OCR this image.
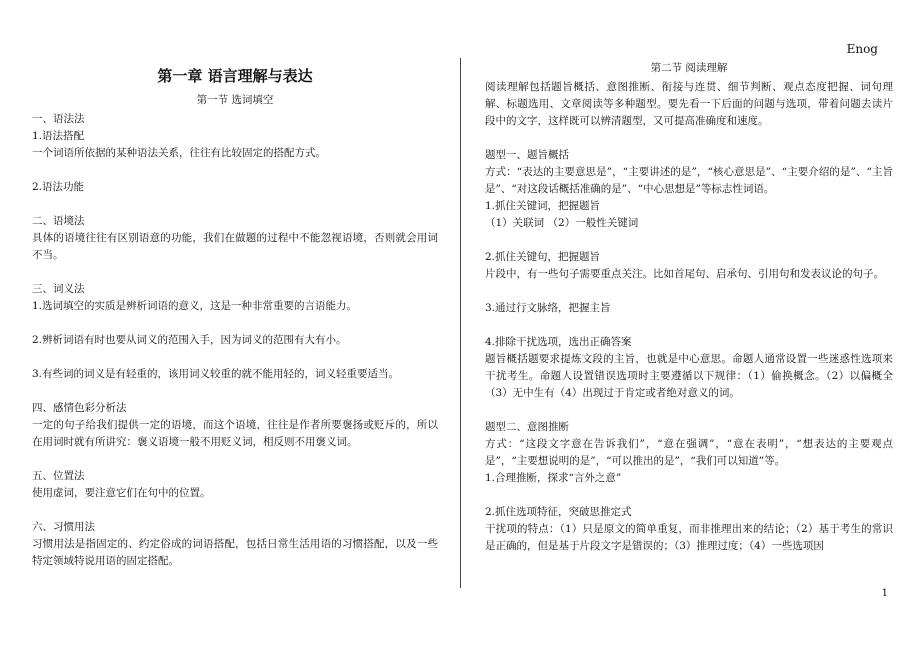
Enog

第一章 语言理解与表达

第一节 选词填空

一、语法法

1.语法搭配

一个词语所依据的某种语法关系，往往有比较固定的搭配方式。

2.语法功能

二、语境法

具体的语境往往有区别语意的功能，我们在做题的过程中不能忽视语境，否则就会用词不当。

三、词义法

1.选词填空的实质是辨析词语的意义，这是一种非常重要的言语能力。

2.辨析词语有时也要从词义的范围入手，因为词义的范围有大有小。

3.有些词的词义是有轻重的，该用词义较重的就不能用轻的，词义轻重要适当。

四、感情色彩分析法

一定的句子给我们提供一定的语境，而这个语境，往往是作者所要褒扬或贬斥的，所以在用词时就有所讲究：褒义语境一般不用贬义词，相反则不用褒义词。

五、位置法

使用虚词，要注意它们在句中的位置。

六、习惯用法

习惯用法是指固定的、约定俗成的词语搭配，包括日常生活用语的习惯搭配，以及一些特定领域特说用语的固定搭配。

第二节 阅读理解

阅读理解包括题旨概括、意图推断、衔接与连贯、细节判断、观点态度把握、词句理解、标题选用、文章阅读等多种题型。要先看一下后面的问题与选项，带着问题去读片段中的文字，这样既可以辨清题型，又可提高准确度和速度。

题型一、题旨概括

方式：“表达的主要意思是”，“主要讲述的是”，“核心意思是”、“主要介绍的是”、“主旨是”、“对这段话概括准确的是”、“中心思想是”等标志性词语。

1.抓住关键词，把握题旨

（1）关联词 （2）一般性关键词

2.抓住关键句，把握题旨

片段中，有一些句子需要重点关注。比如首尾句、启承句、引用句和发表议论的句子。

3.通过行文脉络，把握主旨

4.排除干扰选项，选出正确答案

题旨概括题要求提炼文段的主旨，也就是中心意思。命题人通常设置一些迷惑性选项来干扰考生。命题人设置错误选项时主要遵循以下规律：（1）偷换概念。（2）以偏概全（3）无中生有（4）出现过于肯定或者绝对意义的词。

题型二、意图推断

方式：“这段文字意在告诉我们”，“意在强调”，“意在表明”，“想表达的主要观点是”，“主要想说明的是”，“可以推出的是”，“我们可以知道”等。

1.合理推断，探求“言外之意”

2.抓住选项特征，突破思推定式

干扰项的特点：（1）只是原文的简单重复，而非推理出来的结论；（2）基于考生的常识是正确的，但是基于片段文字是错误的；（3）推理过度；（4）一些选项因

1
